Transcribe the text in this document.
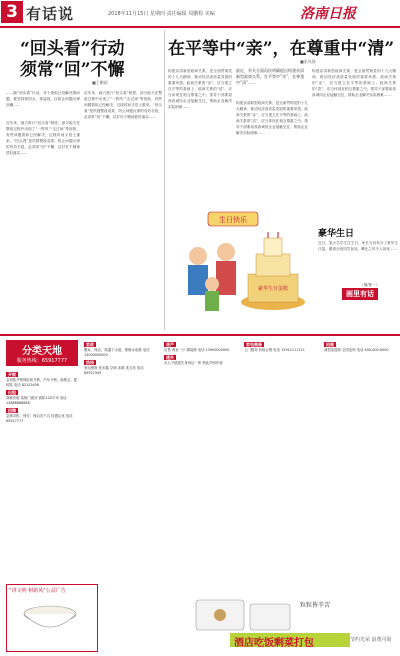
3 有话说	2018年11月15日 星期四 责任编辑 周鹏程 美编	洛南日报
“回头看”行动
须常“回”不懈
■王鹏斌
……搞“回头看”行动，对于看似已经解决的问题，要坚持常回头、常巡视，以防止问题反弹回潮……
近年来，地方推行“回头看”制度，部分地方在整改过程中出现了“一阵风”“走过场”等现象，有些问题看似已经解决，过段时间又卷土重来。“回头看”是巩固整改成果、防止问题反弹的有效手段，必须常“回”不懈，以钉钉子精神抓好落实……
近年来，地方推行“回头看”制度，部分地方在整改过程中出现了“一阵风”“走过场”等现象，有些问题看似已经解决，过段时间又卷土重来。“回头看”是巩固整改成果、防止问题反弹的有效手段，必须常“回”不懈，以钉钉子精神抓好落实……
在平等中“亲”，在尊重中“清”
■张凤霖
最近，有关方面再次明确提出构建亲清新型政商关系，在平等中“亲”，在尊重中“清”……
构建亲清新型政商关系，是全面贯彻党的十九大精神、推动经济高质量发展的重要举措。政商关系的“亲”，应当建立在平等的基础上；政商关系的“清”，应当体现在相互尊重之中。领导干部要坦荡真诚同企业接触交往，帮助企业解决实际困难……
构建亲清新型政商关系，是全面贯彻党的十九大精神、推动经济高质量发展的重要举措。政商关系的“亲”，应当建立在平等的基础上；政商关系的“清”，应当体现在相互尊重之中。领导干部要坦荡真诚同企业接触交往，帮助企业解决实际困难……
构建亲清新型政商关系，是全面贯彻党的十九大精神、推动经济高质量发展的重要举措。政商关系的“亲”，应当建立在平等的基础上；政商关系的“清”，应当体现在相互尊重之中。领导干部要坦荡真诚同企业接触交往，帮助企业解决实际困难……
生日快乐
豪华生日蛋糕
豪华生日
近日，某小学学生过生日，家长为其举办了豪华生日宴，邀请全班同学参加，攀比之风令人担忧……
（图/曹一）
画里有话
分类天地
服务热线：65917777
开锁
金钥匙开锁保险柜开锁、汽车开锁、换锁芯、配钥匙 电话 82123456
出租
商铺出租 临街门面房 面积120平米 电话 13888888888
招聘
急聘司机、保安、保洁若干名 待遇从优 电话 65917777
家政
搬家、保洁、疏通下水道、维修水电暖 电话 13000000000
热线
家电维修 热水器 空调 冰箱 洗衣机 电话 65912345
房产
出售 两室一厅 精装修 电话 13900000000
遗失
本人不慎遗失身份证一张 特此声明作废
家电维修
上门服务 价格合理 电话 13911111111
招商
诚招加盟商 全国连锁 电话 400-000-0000
“讲文明 树新风”公益广告
粒粒皆辛苦
酒店吃饭剩菜打包	节约光荣 浪费可耻
